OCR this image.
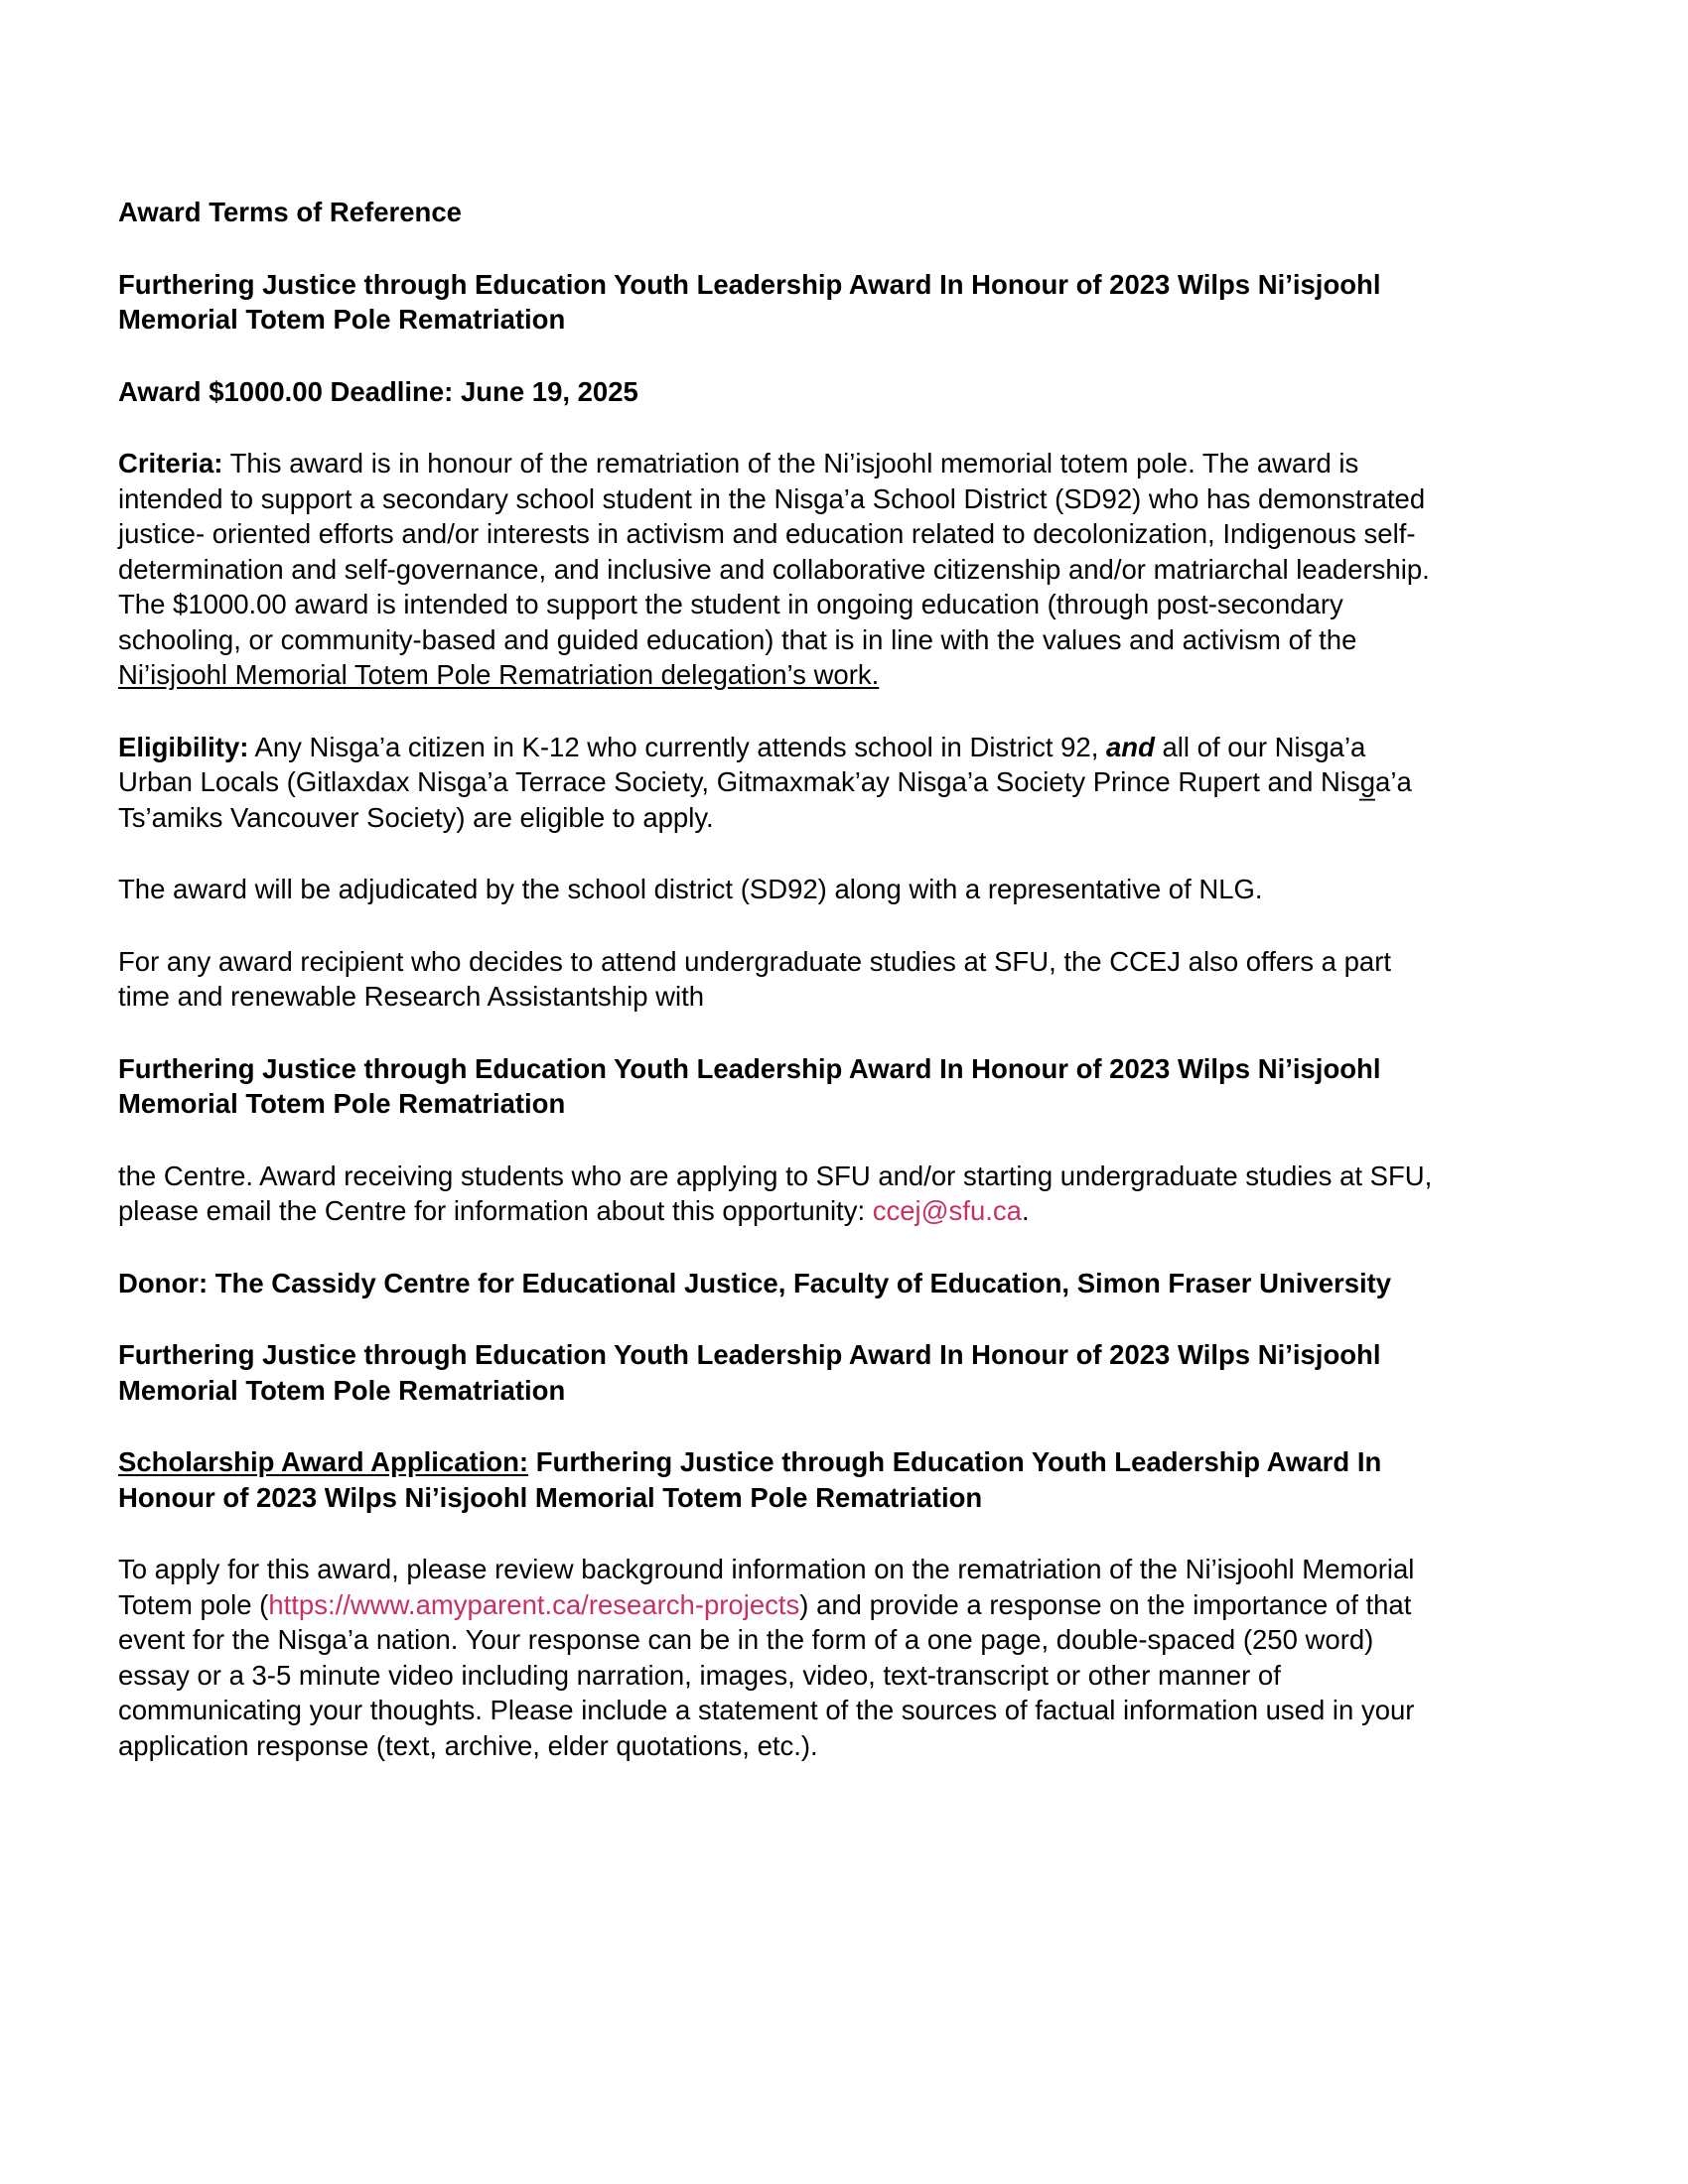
Award Terms of Reference

Furthering Justice through Education Youth Leadership Award In Honour of 2023 Wilps Ni’isjoohl Memorial Totem Pole Rematriation

Award $1000.00 Deadline: June 19, 2025

Criteria: This award is in honour of the rematriation of the Ni’isjoohl memorial totem pole. The award is intended to support a secondary school student in the Nisga’a School District (SD92) who has demonstrated justice- oriented efforts and/or interests in activism and education related to decolonization, Indigenous self-determination and self-governance, and inclusive and collaborative citizenship and/or matriarchal leadership. The $1000.00 award is intended to support the student in ongoing education (through post-secondary schooling, or community-based and guided education) that is in line with the values and activism of the Ni’isjoohl Memorial Totem Pole Rematriation delegation’s work.

Eligibility: Any Nisga’a citizen in K-12 who currently attends school in District 92, and all of our Nisga’a Urban Locals (Gitlaxdax Nisga’a Terrace Society, Gitmaxmak’ay Nisga’a Society Prince Rupert and Nisg̲a’a Ts’amiks Vancouver Society) are eligible to apply.

The award will be adjudicated by the school district (SD92) along with a representative of NLG.

For any award recipient who decides to attend undergraduate studies at SFU, the CCEJ also offers a part time and renewable Research Assistantship with

Furthering Justice through Education Youth Leadership Award In Honour of 2023 Wilps Ni’isjoohl Memorial Totem Pole Rematriation

the Centre. Award receiving students who are applying to SFU and/or starting undergraduate studies at SFU, please email the Centre for information about this opportunity: ccej@sfu.ca.

Donor: The Cassidy Centre for Educational Justice, Faculty of Education, Simon Fraser University

Furthering Justice through Education Youth Leadership Award In Honour of 2023 Wilps Ni’isjoohl Memorial Totem Pole Rematriation

Scholarship Award Application: Furthering Justice through Education Youth Leadership Award In Honour of 2023 Wilps Ni’isjoohl Memorial Totem Pole Rematriation

To apply for this award, please review background information on the rematriation of the Ni’isjoohl Memorial Totem pole (https://www.amyparent.ca/research-projects) and provide a response on the importance of that event for the Nisga’a nation. Your response can be in the form of a one page, double-spaced (250 word) essay or a 3-5 minute video including narration, images, video, text-transcript or other manner of communicating your thoughts. Please include a statement of the sources of factual information used in your application response (text, archive, elder quotations, etc.).
